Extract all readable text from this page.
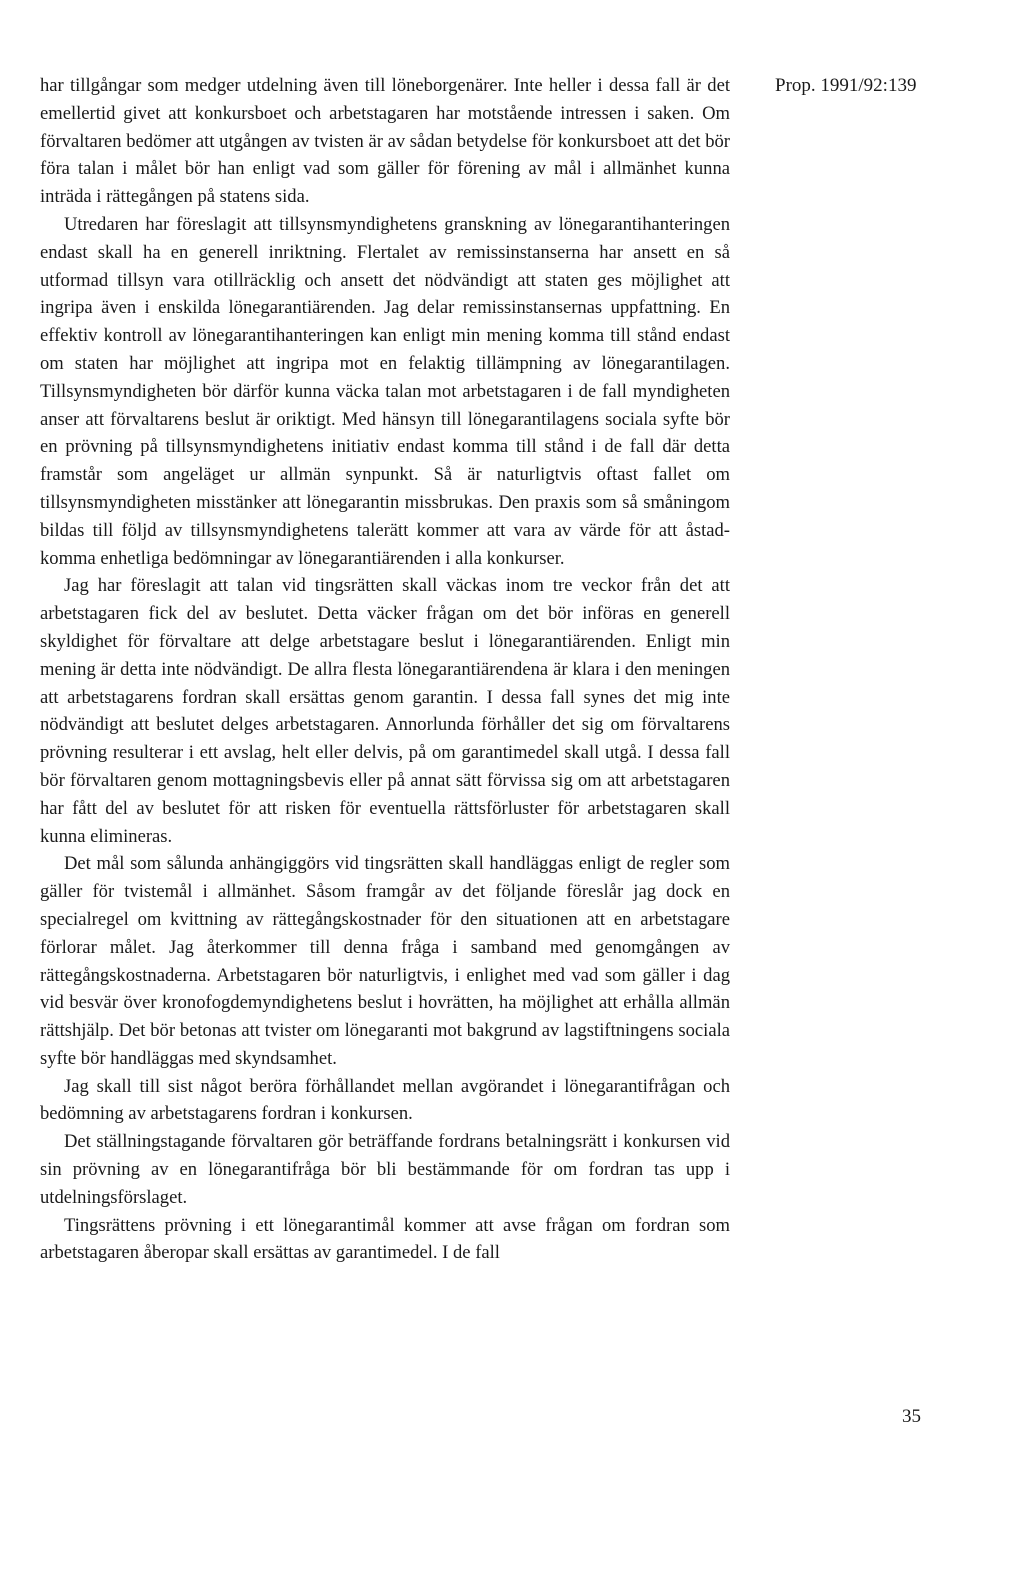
Prop. 1991/92:139

har tillgångar som medger utdelning även till löneborgenärer. Inte heller i dessa fall är det emellertid givet att konkursboet och arbetstagaren har motstående intressen i saken. Om förvaltaren bedömer att utgången av tvisten är av sådan betydelse för konkursboet att det bör föra talan i målet bör han enligt vad som gäller för förening av mål i allmänhet kunna inträda i rättegången på statens sida.

Utredaren har föreslagit att tillsynsmyndighetens granskning av lönegarantihanteringen endast skall ha en generell inriktning. Flertalet av remissinstanserna har ansett en så utformad tillsyn vara otillräcklig och ansett det nödvändigt att staten ges möjlighet att ingripa även i enskilda lönegarantiärenden. Jag delar remissinstansernas uppfattning. En effektiv kontroll av lönegarantihanteringen kan enligt min mening komma till stånd endast om staten har möjlighet att ingripa mot en felaktig tillämpning av lönegarantilagen. Tillsynsmyndigheten bör därför kunna väcka talan mot arbetstagaren i de fall myndigheten anser att förvaltarens beslut är oriktigt. Med hänsyn till lönegarantilagens sociala syfte bör en prövning på tillsynsmyndighetens initiativ endast komma till stånd i de fall där detta framstår som angeläget ur allmän synpunkt. Så är naturligtvis oftast fallet om tillsynsmyndigheten misstänker att lönegarantin missbrukas. Den praxis som så småningom bildas till följd av tillsynsmyndighetens talerätt kommer att vara av värde för att åstadkomma enhetliga bedömningar av lönegarantiärenden i alla konkurser.

Jag har föreslagit att talan vid tingsrätten skall väckas inom tre veckor från det att arbetstagaren fick del av beslutet. Detta väcker frågan om det bör införas en generell skyldighet för förvaltare att delge arbetstagare beslut i lönegarantiärenden. Enligt min mening är detta inte nödvändigt. De allra flesta lönegarantiärendena är klara i den meningen att arbetstagarens fordran skall ersättas genom garantin. I dessa fall synes det mig inte nödvändigt att beslutet delges arbetstagaren. Annorlunda förhåller det sig om förvaltarens prövning resulterar i ett avslag, helt eller delvis, på om garantimedel skall utgå. I dessa fall bör förvaltaren genom mottagningsbevis eller på annat sätt förvissa sig om att arbetstagaren har fått del av beslutet för att risken för eventuella rättsförluster för arbetstagaren skall kunna elimineras.

Det mål som sålunda anhängiggörs vid tingsrätten skall handläggas enligt de regler som gäller för tvistemål i allmänhet. Såsom framgår av det följande föreslår jag dock en specialregel om kvittning av rättegångskostnader för den situationen att en arbetstagare förlorar målet. Jag återkommer till denna fråga i samband med genomgången av rättegångskostnaderna. Arbetstagaren bör naturligtvis, i enlighet med vad som gäller i dag vid besvär över kronofogdemyndighetens beslut i hovrätten, ha möjlighet att erhålla allmän rättshjälp. Det bör betonas att tvister om lönegaranti mot bakgrund av lagstiftningens sociala syfte bör handläggas med skyndsamhet.

Jag skall till sist något beröra förhållandet mellan avgörandet i lönegarantifrågan och bedömning av arbetstagarens fordran i konkursen.

Det ställningstagande förvaltaren gör beträffande fordrans betalningsrätt i konkursen vid sin prövning av en lönegarantifråga bör bli bestämmande för om fordran tas upp i utdelningsförslaget.

Tingsrättens prövning i ett lönegarantimål kommer att avse frågan om fordran som arbetstagaren åberopar skall ersättas av garantimedel. I de fall

35
